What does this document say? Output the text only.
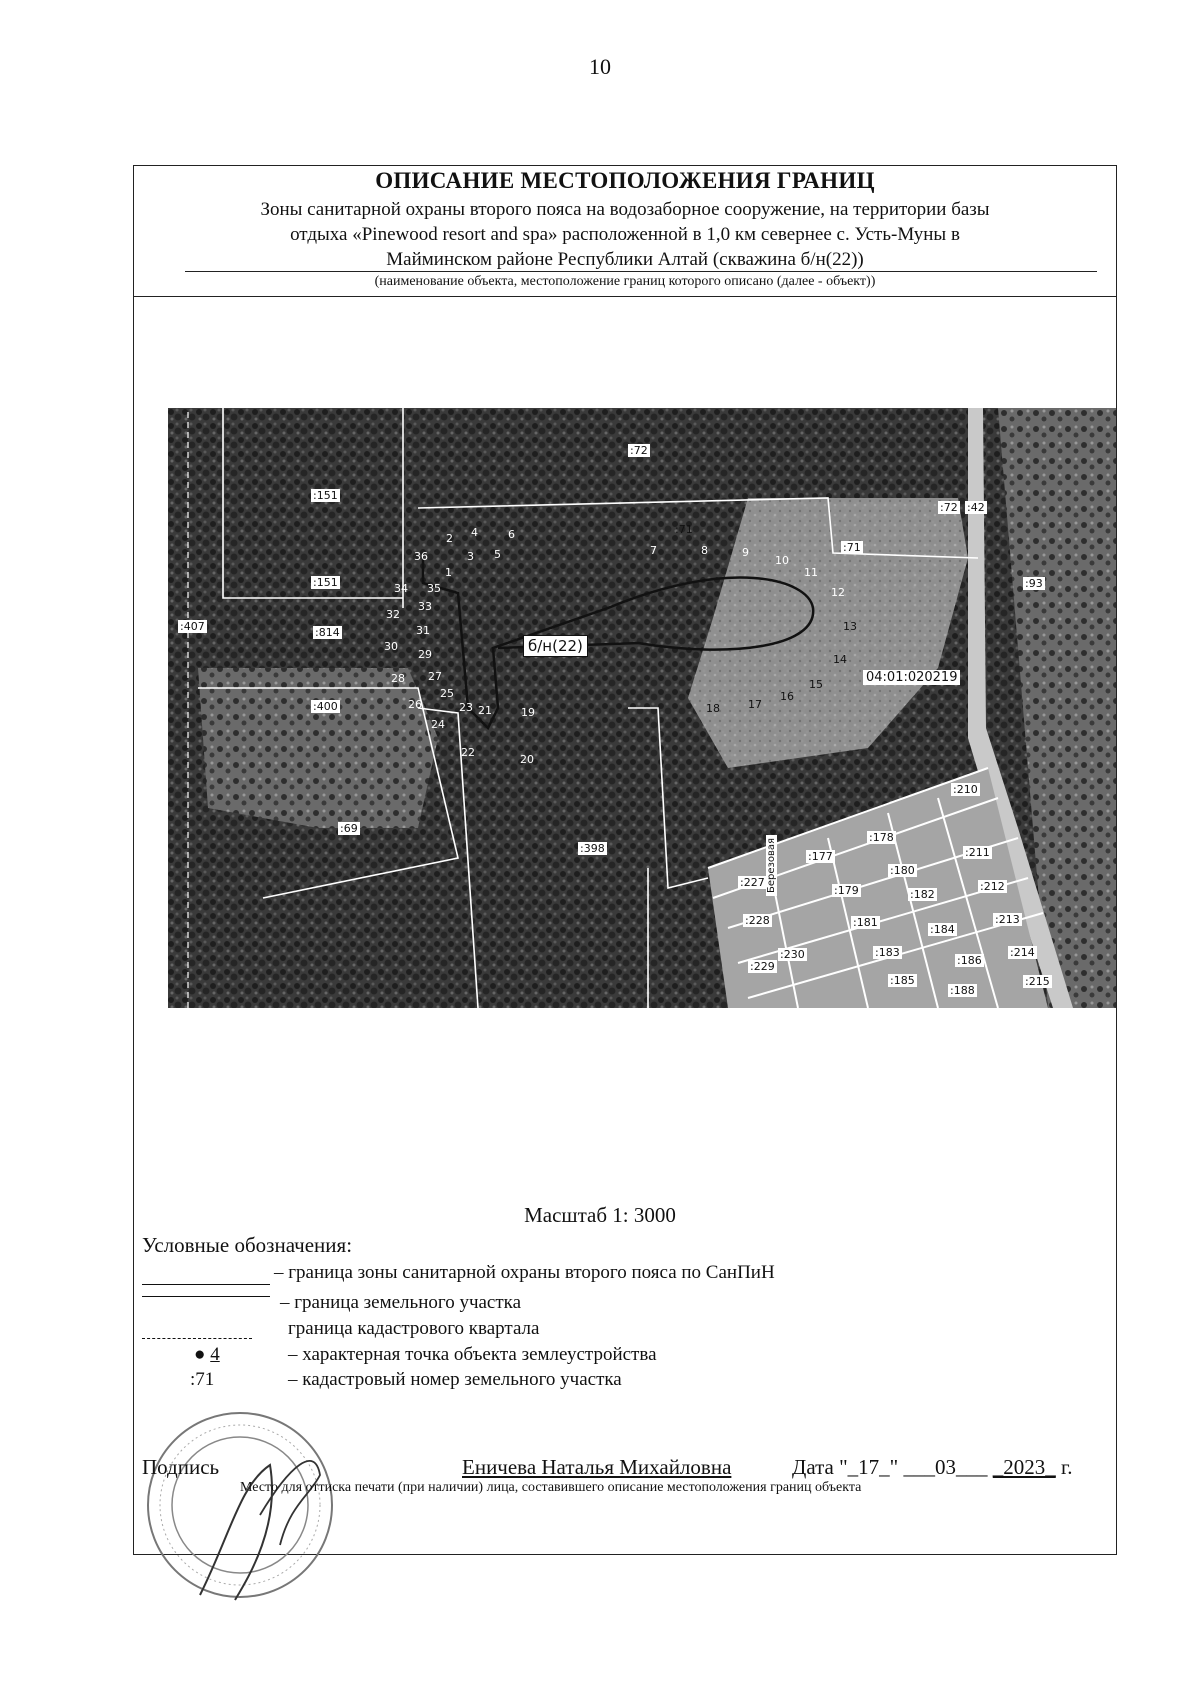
10
ОПИСАНИЕ МЕСТОПОЛОЖЕНИЯ ГРАНИЦ
Зоны санитарной охраны второго пояса на водозаборное сооружение, на территории базы
отдыха «Pinewood resort and spa» расположенной в 1,0 км севернее с. Усть-Муны в
Майминском районе Республики Алтай (скважина б/н(22))
(наименование объекта, местоположение границ которого описано (далее - объект))
:72
:151
:151
:407	:814
:400
:69
:398
:72 :42
:93
:71
:71
:210
:211
:212
:213
:214
:215
:177
:178
:179
:180
:182
:181
:184
:183
:186
:185
:188
:227
:228
:229
:230
1
2
3
4
5
6
7	8	9
10
11
12
13
14
15
16
17
18
19
20
21
22
23
24
25
26
27
28
29
30
31
32
33
34 35
36
б/н(22)
04:01:020219
Березовая
Масштаб 1: 3000
Условные обозначения:
– граница зоны санитарной охраны второго пояса по СанПиН
– граница земельного участка
граница кадастрового квартала
● 4	– характерная точка объекта землеустройства
:71	– кадастровый номер земельного участка
Подпись	Еничева Наталья Михайловна	Дата "_17_" ___03___ _2023_ г.
Место для оттиска печати (при наличии) лица, составившего описание местоположения границ объекта
